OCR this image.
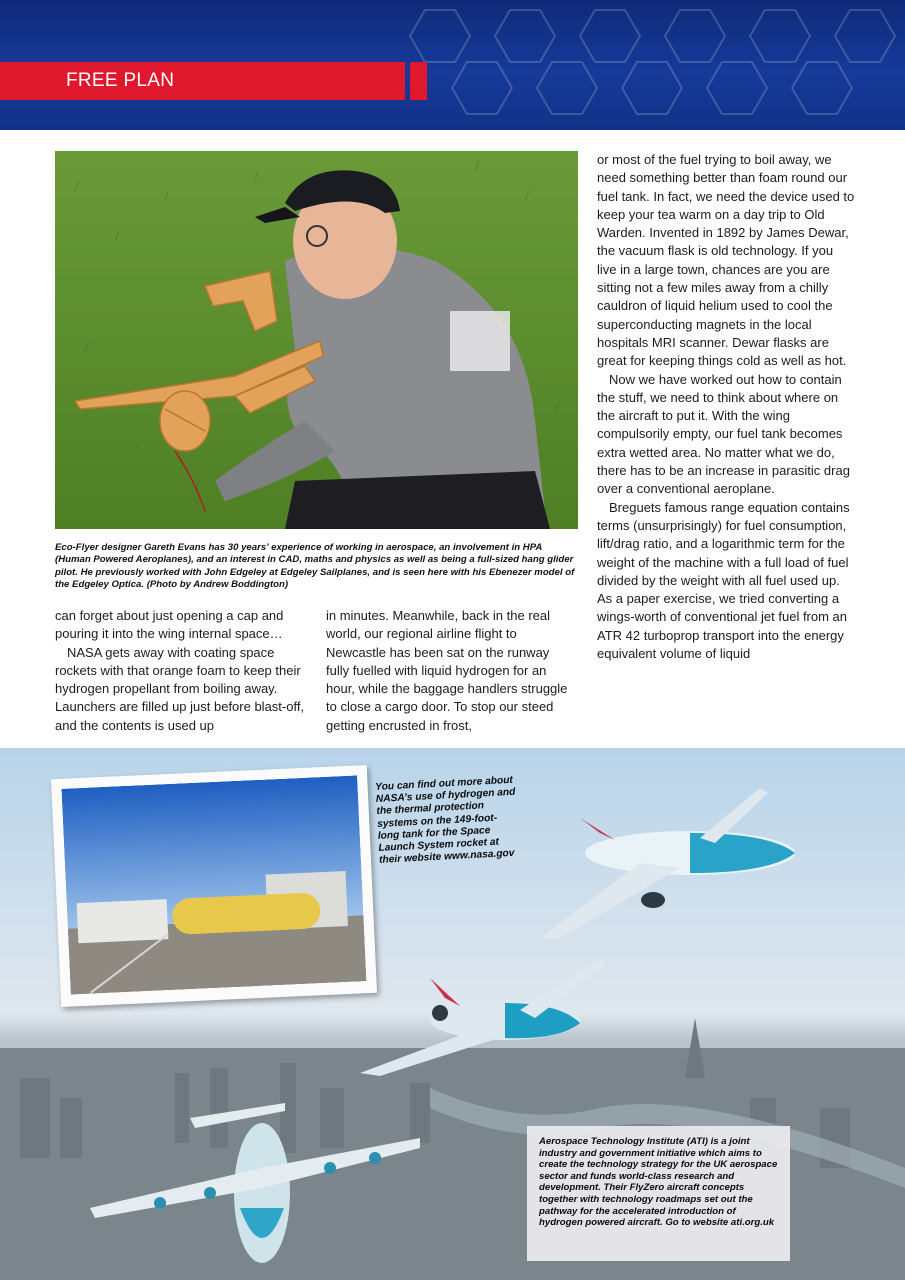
FREE PLAN
Eco-Flyer designer Gareth Evans has 30 years’ experience of working in aerospace, an involvement in HPA (Human Powered Aeroplanes), and an interest in CAD, maths and physics as well as being a full-sized hang glider pilot. He previously worked with John Edgeley at Edgeley Sailplanes, and is seen here with his Ebenezer model of the Edgeley Optica. (Photo by Andrew Boddington)

or most of the fuel trying to boil away, we need something better than foam round our fuel tank. In fact, we need the device used to keep your tea warm on a day trip to Old Warden. Invented in 1892 by James Dewar, the vacuum flask is old technology. If you live in a large town, chances are you are sitting not a few miles away from a chilly cauldron of liquid helium used to cool the superconducting magnets in the local hospitals MRI scanner. Dewar flasks are great for keeping things cold as well as hot.

Now we have worked out how to contain the stuff, we need to think about where on the aircraft to put it. With the wing compulsorily empty, our fuel tank becomes extra wetted area. No matter what we do, there has to be an increase in parasitic drag over a conventional aeroplane.

Breguets famous range equation contains terms (unsurprisingly) for fuel consumption, lift/drag ratio, and a logarithmic term for the weight of the machine with a full load of fuel divided by the weight with all fuel used up. As a paper exercise, we tried converting a wings-worth of conventional jet fuel from an ATR 42 turboprop transport into the energy equivalent volume of liquid

can forget about just opening a cap and pouring it into the wing internal space…

NASA gets away with coating space rockets with that orange foam to keep their hydrogen propellant from boiling away. Launchers are filled up just before blast-off, and the contents is used up

in minutes. Meanwhile, back in the real world, our regional airline flight to Newcastle has been sat on the runway fully fuelled with liquid hydrogen for an hour, while the baggage handlers struggle to close a cargo door. To stop our steed getting encrusted in frost,

You can find out more about NASA’s use of hydrogen and the thermal protection systems on the 149-foot-long tank for the Space Launch System rocket at their website www.nasa.gov
Aerospace Technology Institute (ATI) is a joint industry and government initiative which aims to create the technology strategy for the UK aerospace sector and funds world-class research and development. Their FlyZero aircraft concepts together with technology roadmaps set out the pathway for the accelerated introduction of hydrogen powered aircraft. Go to website ati.org.uk
